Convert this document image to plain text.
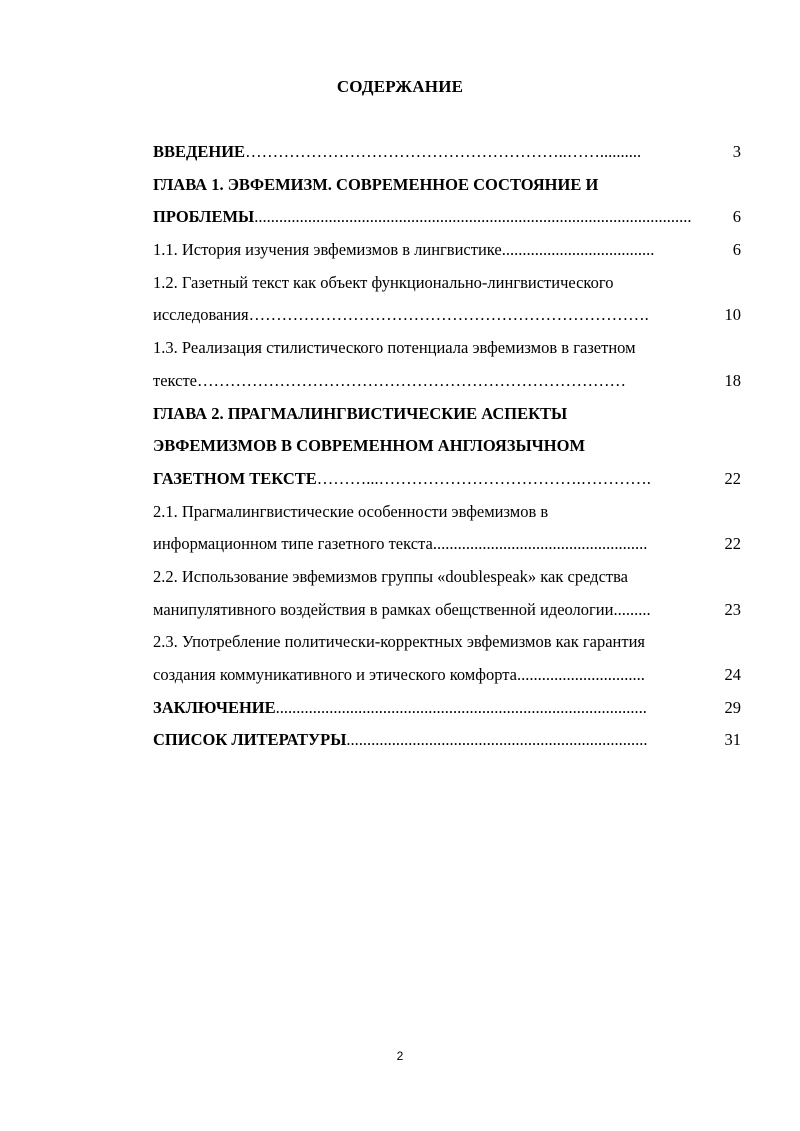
СОДЕРЖАНИЕ
ВВЕДЕНИЕ …………………………………………………..……..........	3
ГЛАВА 1. ЭВФЕМИЗМ. СОВРЕМЕННОЕ СОСТОЯНИЕ И
ПРОБЛЕМЫ ..........................................................................................................	6
1.1. История изучения эвфемизмов в лингвистике .....................................	6
1.2. Газетный текст как объект функционально-лингвистического
исследования ……………………………………………………………….	10
1.3. Реализация стилистического потенциала эвфемизмов в газетном
тексте ……………………………………………………………………	18
ГЛАВА 2. ПРАГМАЛИНГВИСТИЧЕСКИЕ АСПЕКТЫ
ЭВФЕМИЗМОВ В СОВРЕМЕННОМ АНГЛОЯЗЫЧНОМ
ГАЗЕТНОМ ТЕКСТЕ ………...……………………………….………….	22
2.1. Прагмалингвистические особенности эвфемизмов в
информационном типе газетного текста ....................................................	22
2.2. Использование эвфемизмов группы «doublespeak» как средства
манипулятивного воздействия в рамках обещственной идеологии .........	23
2.3. Употребление политически-корректных эвфемизмов как гарантия
создания коммуникативного и этического комфорта ...............................	24
ЗАКЛЮЧЕНИЕ ..........................................................................................	29
СПИСОК ЛИТЕРАТУРЫ .........................................................................	31
2
